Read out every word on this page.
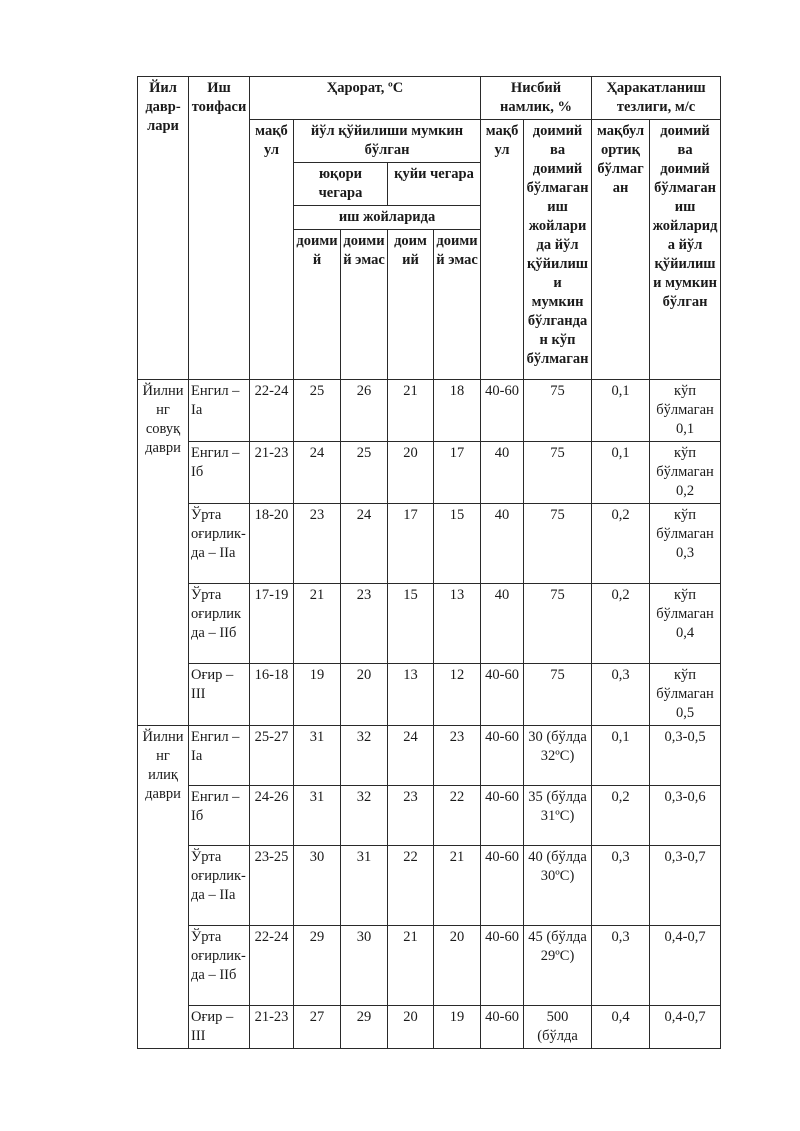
Йил давр-лари	Иш тоифаси	Ҳарорат, ºС					Нисбий намлик, %		Ҳаракатланиш тезлиги, м/с	
		мақбул	йўл қўйилиши мумкин бўлган				мақбул	доимий ва доимий бўлмаган иш жойларида йўл қўйилиши мумкин бўлгандан кўп бўлмаган	мақбул ортиқ бўлмаган	доимий ва доимий бўлмаган иш жойларида йўл қўйилиши мумкин бўлган
			юқори чегара		қуйи чегара					
			иш жойларида							
			доимий	доимий эмас	доимий	доимий эмас				
Йилнинг совуқ даври	Енгил – Iа	22-24	25	26	21	18	40-60	75	0,1	кўп бўлмаган 0,1
	Енгил – Iб	21-23	24	25	20	17	40	75	0,1	кўп бўлмаган 0,2
	Ўрта оғирлик-да – IIа	18-20	23	24	17	15	40	75	0,2	кўп бўлмаган 0,3
	Ўрта оғирликда – IIб	17-19	21	23	15	13	40	75	0,2	кўп бўлмаган 0,4
	Оғир – III	16-18	19	20	13	12	40-60	75	0,3	кўп бўлмаган 0,5
Йилнинг илиқ даври	Енгил – Iа	25-27	31	32	24	23	40-60	30 (бўлда 32ºС)	0,1	0,3-0,5
	Енгил – Iб	24-26	31	32	23	22	40-60	35 (бўлда 31ºС)	0,2	0,3-0,6
	Ўрта оғирлик-да – IIа	23-25	30	31	22	21	40-60	40 (бўлда 30ºС)	0,3	0,3-0,7
	Ўрта оғирлик-да – IIб	22-24	29	30	21	20	40-60	45 (бўлда 29ºС)	0,3	0,4-0,7
	Оғир – III	21-23	27	29	20	19	40-60	500 (бўлда	0,4	0,4-0,7
